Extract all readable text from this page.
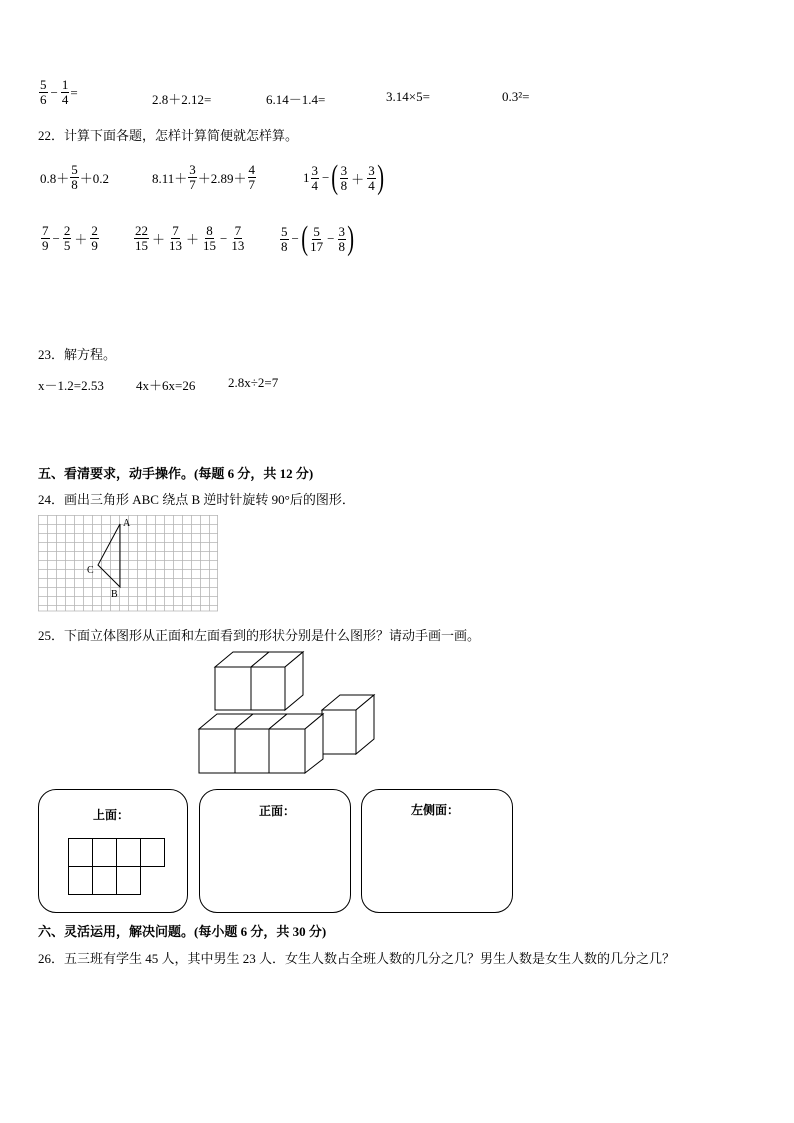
$\frac{5}{6} - \frac{1}{4}$ =	2.8＋2.12=	6.14－1.4=	3.14×5=	0.3²=
22．计算下面各题，怎样计算简便就怎样算。
$0.8+ \frac{5}{8} +0.2$	$8.11+ \frac{3}{7} +2.89+ \frac{4}{7}$	$1 \frac{3}{4}$ − ( $\frac{3}{8} + \frac{3}{4}$ )
$\frac{7}{9} - \frac{2}{5} + \frac{2}{9}$	$\frac{22}{15} + \frac{7}{13} + \frac{8}{15} - \frac{7}{13}$	$\frac{5}{8}$ − ( $\frac{5}{17} - \frac{3}{8}$ )
23．解方程。
x－1.2=2.53 4x＋6x=26	2.8x÷2=7
五、看清要求，动手操作。(每题 6 分，共 12 分)
24．画出三角形 ABC 绕点 B 逆时针旋转 90°后的图形．
A
B
C
25．下面立体图形从正面和左面看到的形状分别是什么图形？请动手画一画。
上面：	正面：	左侧面：
六、灵活运用，解决问题。(每小题 6 分，共 30 分)
26．五三班有学生 45 人，其中男生 23 人．女生人数占全班人数的几分之几？男生人数是女生人数的几分之几？
